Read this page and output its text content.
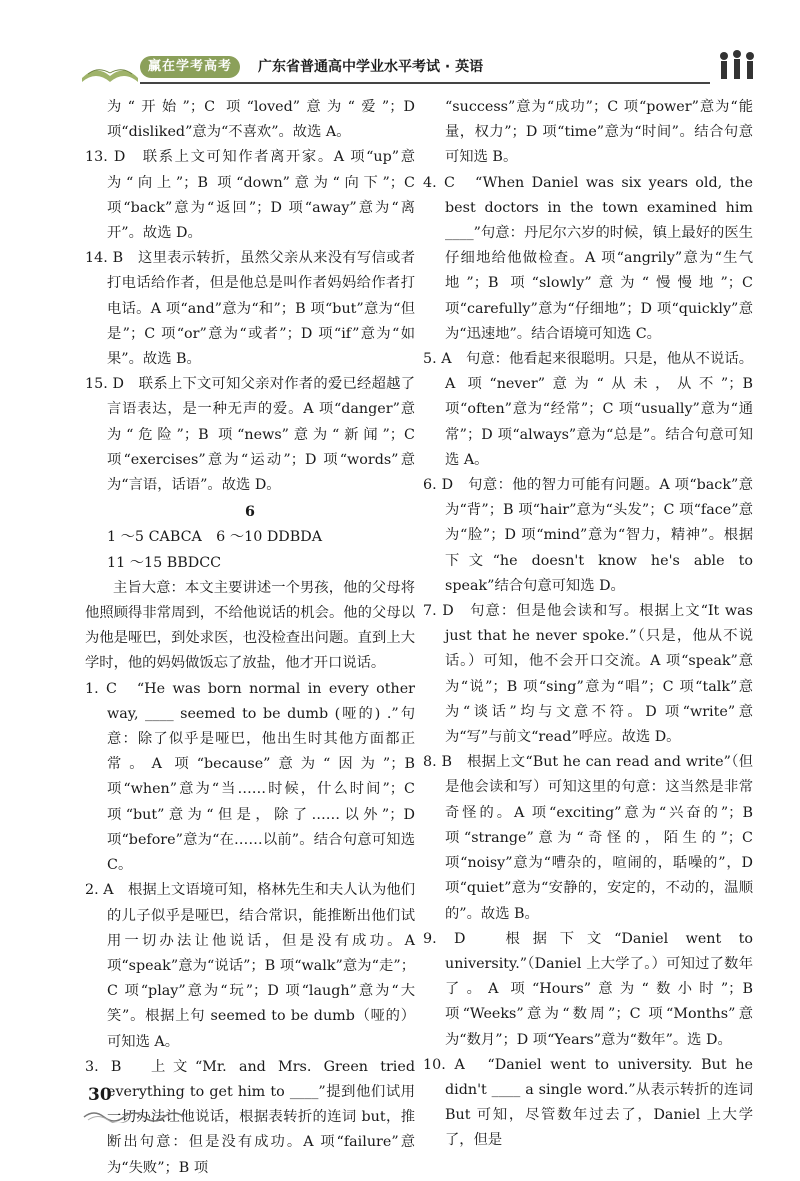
赢在学考高考	广东省普通高中学业水平考试 · 英语

为“开始”；C 项“loved”意为“爱”；D 项“disliked”意为“不喜欢”。故选 A。

13. D　联系上文可知作者离开家。A 项“up”意为“向上”；B 项“down”意为“向下”；C 项“back”意为“返回”；D 项“away”意为“离开”。故选 D。

14. B　这里表示转折，虽然父亲从来没有写信或者打电话给作者，但是他总是叫作者妈妈给作者打电话。A 项“and”意为“和”；B 项“but”意为“但是”；C 项“or”意为“或者”；D 项“if”意为“如果”。故选 B。

15. D　联系上下文可知父亲对作者的爱已经超越了言语表达，是一种无声的爱。A 项“danger”意为“危险”；B 项“news”意为“新闻”；C 项“exercises”意为“运动”；D 项“words”意为“言语，话语”。故选 D。

6

1 ～5 CABCA　6 ～10 DDBDA

11 ～15 BBDCC

主旨大意：本文主要讲述一个男孩，他的父母将他照顾得非常周到，不给他说话的机会。他的父母以为他是哑巴，到处求医，也没检查出问题。直到上大学时，他的妈妈做饭忘了放盐，他才开口说话。

1. C　“He was born normal in every other way, ____ seemed to be dumb (哑的) .”句意：除了似乎是哑巴，他出生时其他方面都正常。A 项“because”意为“因为”；B 项“when”意为“当……时候，什么时间”；C 项“but”意为“但是，除了……以外”；D 项“before”意为“在……以前”。结合句意可知选 C。

2. A　根据上文语境可知，格林先生和夫人认为他们的儿子似乎是哑巴，结合常识，能推断出他们试用一切办法让他说话，但是没有成功。A 项“speak”意为“说话”；B 项“walk”意为“走”；C 项“play”意为“玩”；D 项“laugh”意为“大笑”。根据上句 seemed to be dumb（哑的）可知选 A。

3. B　上文“Mr. and Mrs. Green tried everything to get him to ____”提到他们试用一切办法让他说话，根据表转折的连词 but，推断出句意：但是没有成功。A 项“failure”意为“失败”；B 项

“success”意为“成功”；C 项“power”意为“能量，权力”；D 项“time”意为“时间”。结合句意可知选 B。

4. C　“When Daniel was six years old, the best doctors in the town examined him ____”句意：丹尼尔六岁的时候，镇上最好的医生仔细地给他做检查。A 项“angrily”意为“生气地”；B 项“slowly”意为“慢慢地”；C 项“carefully”意为“仔细地”；D 项“quickly”意为“迅速地”。结合语境可知选 C。

5. A　句意：他看起来很聪明。只是，他从不说话。A 项“never”意为“从未，从不”；B 项“often”意为“经常”；C 项“usually”意为“通常”；D 项“always”意为“总是”。结合句意可知选 A。

6. D　句意：他的智力可能有问题。A 项“back”意为“背”；B 项“hair”意为“头发”；C 项“face”意为“脸”；D 项“mind”意为“智力，精神”。根据下文“he doesn't know he's able to speak”结合句意可知选 D。

7. D　句意：但是他会读和写。根据上文“It was just that he never spoke.”（只是，他从不说话。）可知，他不会开口交流。A 项“speak”意为“说”；B 项“sing”意为“唱”；C 项“talk”意为“谈话”均与文意不符。D 项“write”意为“写”与前文“read”呼应。故选 D。

8. B　根据上文“But he can read and write”（但是他会读和写）可知这里的句意：这当然是非常奇怪的。A 项“exciting”意为“兴奋的”；B 项“strange”意为“奇怪的，陌生的”；C 项“noisy”意为“嘈杂的，喧闹的，聒噪的”，D 项“quiet”意为“安静的，安定的，不动的，温顺的”。故选 B。

9. D　根据下文“Daniel went to university.”（Daniel 上大学了。）可知过了数年了。A 项“Hours”意为“数小时”；B 项“Weeks”意为“数周”；C 项“Months”意为“数月”；D 项“Years”意为“数年”。选 D。

10. A　“Daniel went to university. But he didn't ____ a single word.”从表示转折的连词 But 可知，尽管数年过去了，Daniel 上大学了，但是

30
